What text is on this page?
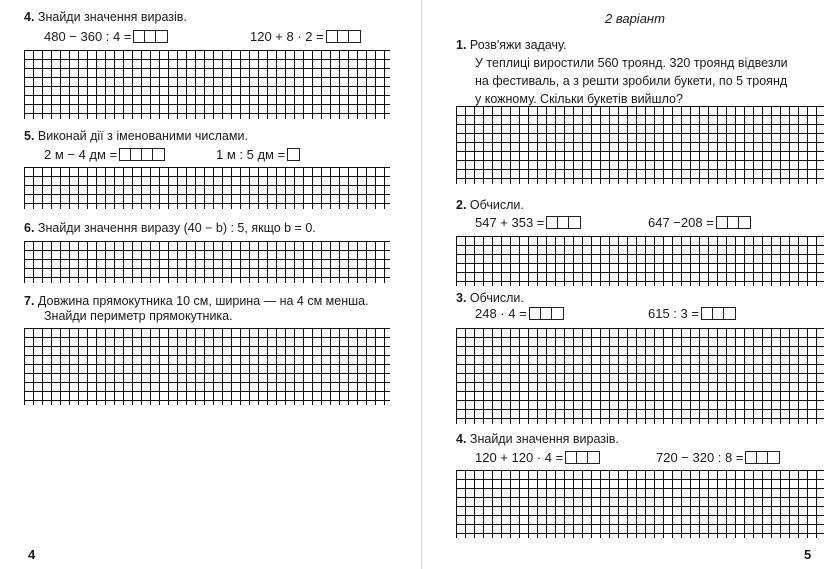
4. Знайди значення виразів.
480 − 360 : 4 =	120 + 8 · 2 =
5. Виконай дії з іменованими числами.
2 м − 4 дм =	1 м : 5 дм =
6. Знайди значення виразу (40 − b) : 5, якщо b = 0.
7. Довжина прямокутника 10 см, ширина — на 4 см менша.
Знайди периметр прямокутника.
4
2 варіант
1. Розв'яжи задачу.
У теплиці виростили 560 троянд. 320 троянд відвезли
на фестиваль, а з решти зробили букети, по 5 троянд
у кожному. Скільки букетів вийшло?
2. Обчисли.
547 + 353 =	647 −208 =
3. Обчисли.
248 · 4 =	615 : 3 =
4. Знайди значення виразів.
120 + 120 · 4 =	720 − 320 : 8 =
5
